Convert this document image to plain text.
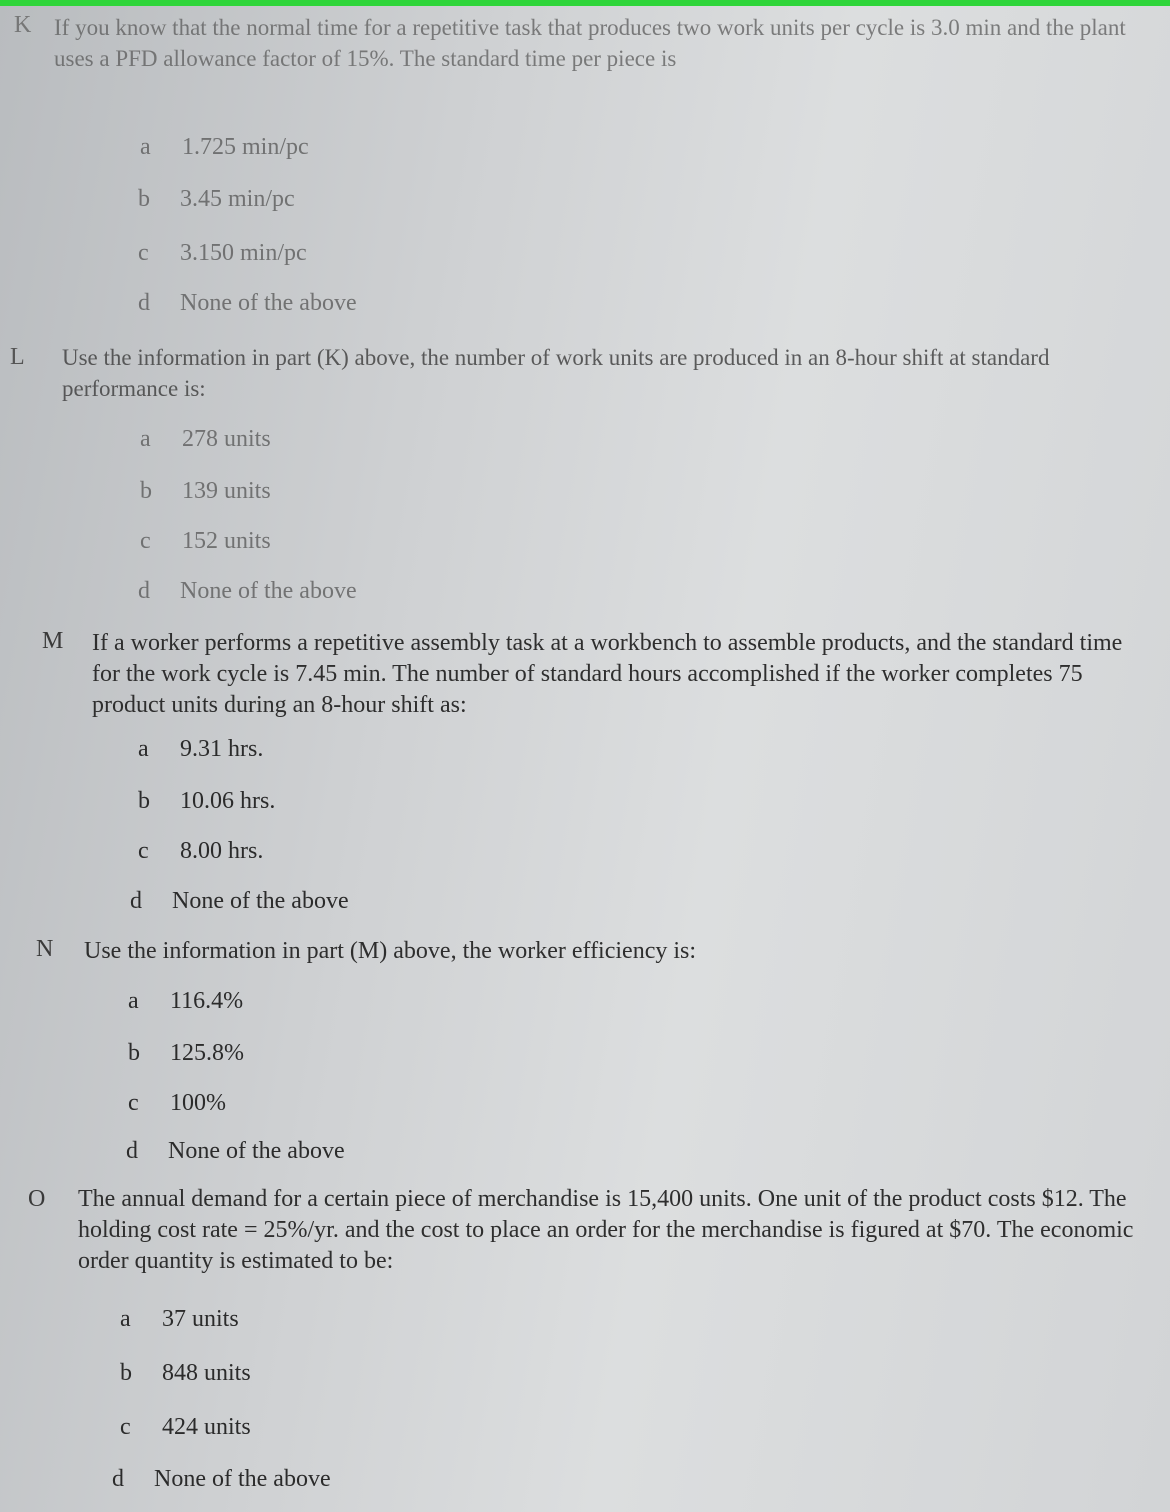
K If you know that the normal time for a repetitive task that produces two work units per cycle is 3.0 min and the plant uses a PFD allowance factor of 15%. The standard time per piece is
a 1.725 min/pc
b 3.45 min/pc
c 3.150 min/pc
d None of the above
L Use the information in part (K) above, the number of work units are produced in an 8-hour shift at standard performance is:
a 278 units
b 139 units
c 152 units
d None of the above
M If a worker performs a repetitive assembly task at a workbench to assemble products, and the standard time for the work cycle is 7.45 min. The number of standard hours accomplished if the worker completes 75 product units during an 8-hour shift as:
a 9.31 hrs.
b 10.06 hrs.
c 8.00 hrs.
d None of the above
N Use the information in part (M) above, the worker efficiency is:
a 116.4%
b 125.8%
c 100%
d None of the above
O The annual demand for a certain piece of merchandise is 15,400 units. One unit of the product costs $12. The holding cost rate = 25%/yr. and the cost to place an order for the merchandise is figured at $70. The economic order quantity is estimated to be:
a 37 units
b 848 units
c 424 units
d None of the above
